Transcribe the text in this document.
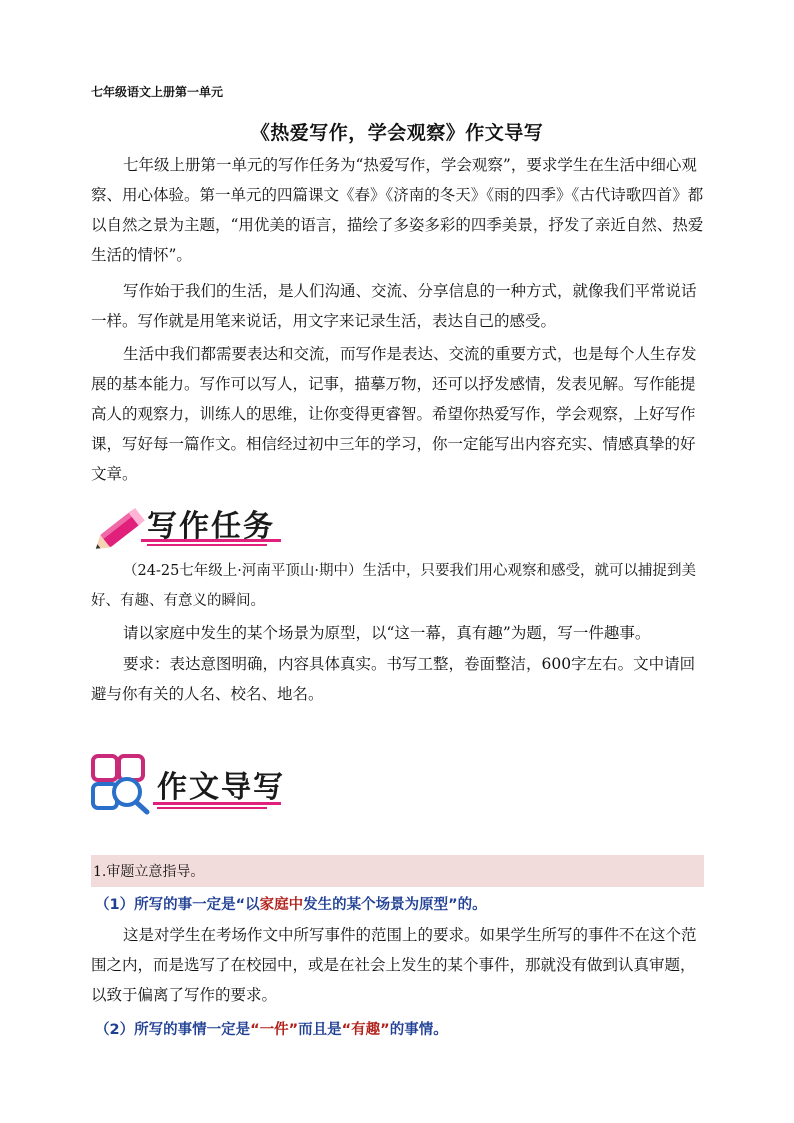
七年级语文上册第一单元
《热爱写作，学会观察》作文导写

七年级上册第一单元的写作任务为“热爱写作，学会观察”，要求学生在生活中细心观察、用心体验。第一单元的四篇课文《春》《济南的冬天》《雨的四季》《古代诗歌四首》都以自然之景为主题，“用优美的语言，描绘了多姿多彩的四季美景，抒发了亲近自然、热爱生活的情怀”。

写作始于我们的生活，是人们沟通、交流、分享信息的一种方式，就像我们平常说话一样。写作就是用笔来说话，用文字来记录生活，表达自己的感受。

生活中我们都需要表达和交流，而写作是表达、交流的重要方式，也是每个人生存发展的基本能力。写作可以写人，记事，描摹万物，还可以抒发感情，发表见解。写作能提高人的观察力，训练人的思维，让你变得更睿智。希望你热爱写作，学会观察，上好写作课，写好每一篇作文。相信经过初中三年的学习，你一定能写出内容充实、情感真挚的好文章。

写作任务

（24-25七年级上·河南平顶山·期中）生活中，只要我们用心观察和感受，就可以捕捉到美好、有趣、有意义的瞬间。

请以家庭中发生的某个场景为原型，以“这一幕，真有趣”为题，写一件趣事。

要求：表达意图明确，内容具体真实。书写工整，卷面整洁，600字左右。文中请回避与你有关的人名、校名、地名。

作文导写
1.审题立意指导。
（1）所写的事一定是“以家庭中发生的某个场景为原型”的。

这是对学生在考场作文中所写事件的范围上的要求。如果学生所写的事件不在这个范围之内，而是选写了在校园中，或是在社会上发生的某个事件，那就没有做到认真审题，以致于偏离了写作的要求。

（2）所写的事情一定是“一件”而且是“有趣”的事情。
